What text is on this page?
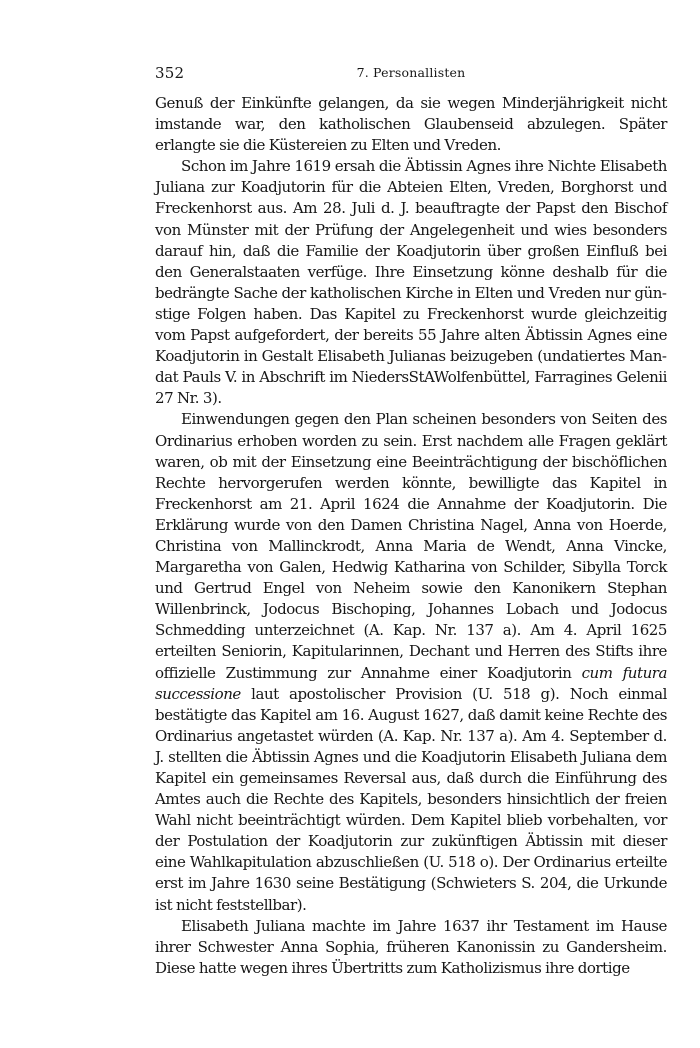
352	7. Personallisten

Genuß der Einkünfte gelangen, da sie wegen Minderjährigkeit nicht imstande war, den katholischen Glaubenseid abzulegen. Später erlangte sie die Küstereien zu Elten und Vreden.

Schon im Jahre 1619 ersah die Äbtissin Agnes ihre Nichte Elisabeth Juliana zur Koadjutorin für die Abteien Elten, Vreden, Borghorst und Freckenhorst aus. Am 28. Juli d. J. beauftragte der Papst den Bischof von Münster mit der Prüfung der Angelegenheit und wies besonders darauf hin, daß die Familie der Koadjutorin über großen Einfluß bei den Generalstaaten verfüge. Ihre Einsetzung könne deshalb für die bedrängte Sache der katholischen Kirche in Elten und Vreden nur günstige Folgen haben. Das Kapitel zu Freckenhorst wurde gleichzeitig vom Papst aufgefordert, der bereits 55 Jahre alten Äbtissin Agnes eine Koadjutorin in Gestalt Elisabeth Julianas beizugeben (undatiertes Mandat Pauls V. in Abschrift im NiedersStAWolfenbüttel, Farragines Gelenii 27 Nr. 3).

Einwendungen gegen den Plan scheinen besonders von Seiten des Ordinarius erhoben worden zu sein. Erst nachdem alle Fragen geklärt waren, ob mit der Einsetzung eine Beeinträchtigung der bischöflichen Rechte hervorgerufen werden könnte, bewilligte das Kapitel in Freckenhorst am 21. April 1624 die Annahme der Koadjutorin. Die Erklärung wurde von den Damen Christina Nagel, Anna von Hoerde, Christina von Mallinckrodt, Anna Maria de Wendt, Anna Vincke, Margaretha von Galen, Hedwig Katharina von Schilder, Sibylla Torck und Gertrud Engel von Neheim sowie den Kanonikern Stephan Willenbrinck, Jodocus Bischoping, Johannes Lobach und Jodocus Schmedding unterzeichnet (A. Kap. Nr. 137 a). Am 4. April 1625 erteilten Seniorin, Kapitularinnen, Dechant und Herren des Stifts ihre offizielle Zustimmung zur Annahme einer Koadjutorin cum futura successione laut apostolischer Provision (U. 518 g). Noch einmal bestätigte das Kapitel am 16. August 1627, daß damit keine Rechte des Ordinarius angetastet würden (A. Kap. Nr. 137 a). Am 4. September d. J. stellten die Äbtissin Agnes und die Koadjutorin Elisabeth Juliana dem Kapitel ein gemeinsames Reversal aus, daß durch die Einführung des Amtes auch die Rechte des Kapitels, besonders hinsichtlich der freien Wahl nicht beeinträchtigt würden. Dem Kapitel blieb vorbehalten, vor der Postulation der Koadjutorin zur zukünftigen Äbtissin mit dieser eine Wahlkapitulation abzuschließen (U. 518 o). Der Ordinarius erteilte erst im Jahre 1630 seine Bestätigung (Schwieters S. 204, die Urkunde ist nicht feststellbar).

Elisabeth Juliana machte im Jahre 1637 ihr Testament im Hause ihrer Schwester Anna Sophia, früheren Kanonissin zu Gandersheim. Diese hatte wegen ihres Übertritts zum Katholizismus ihre dortige
